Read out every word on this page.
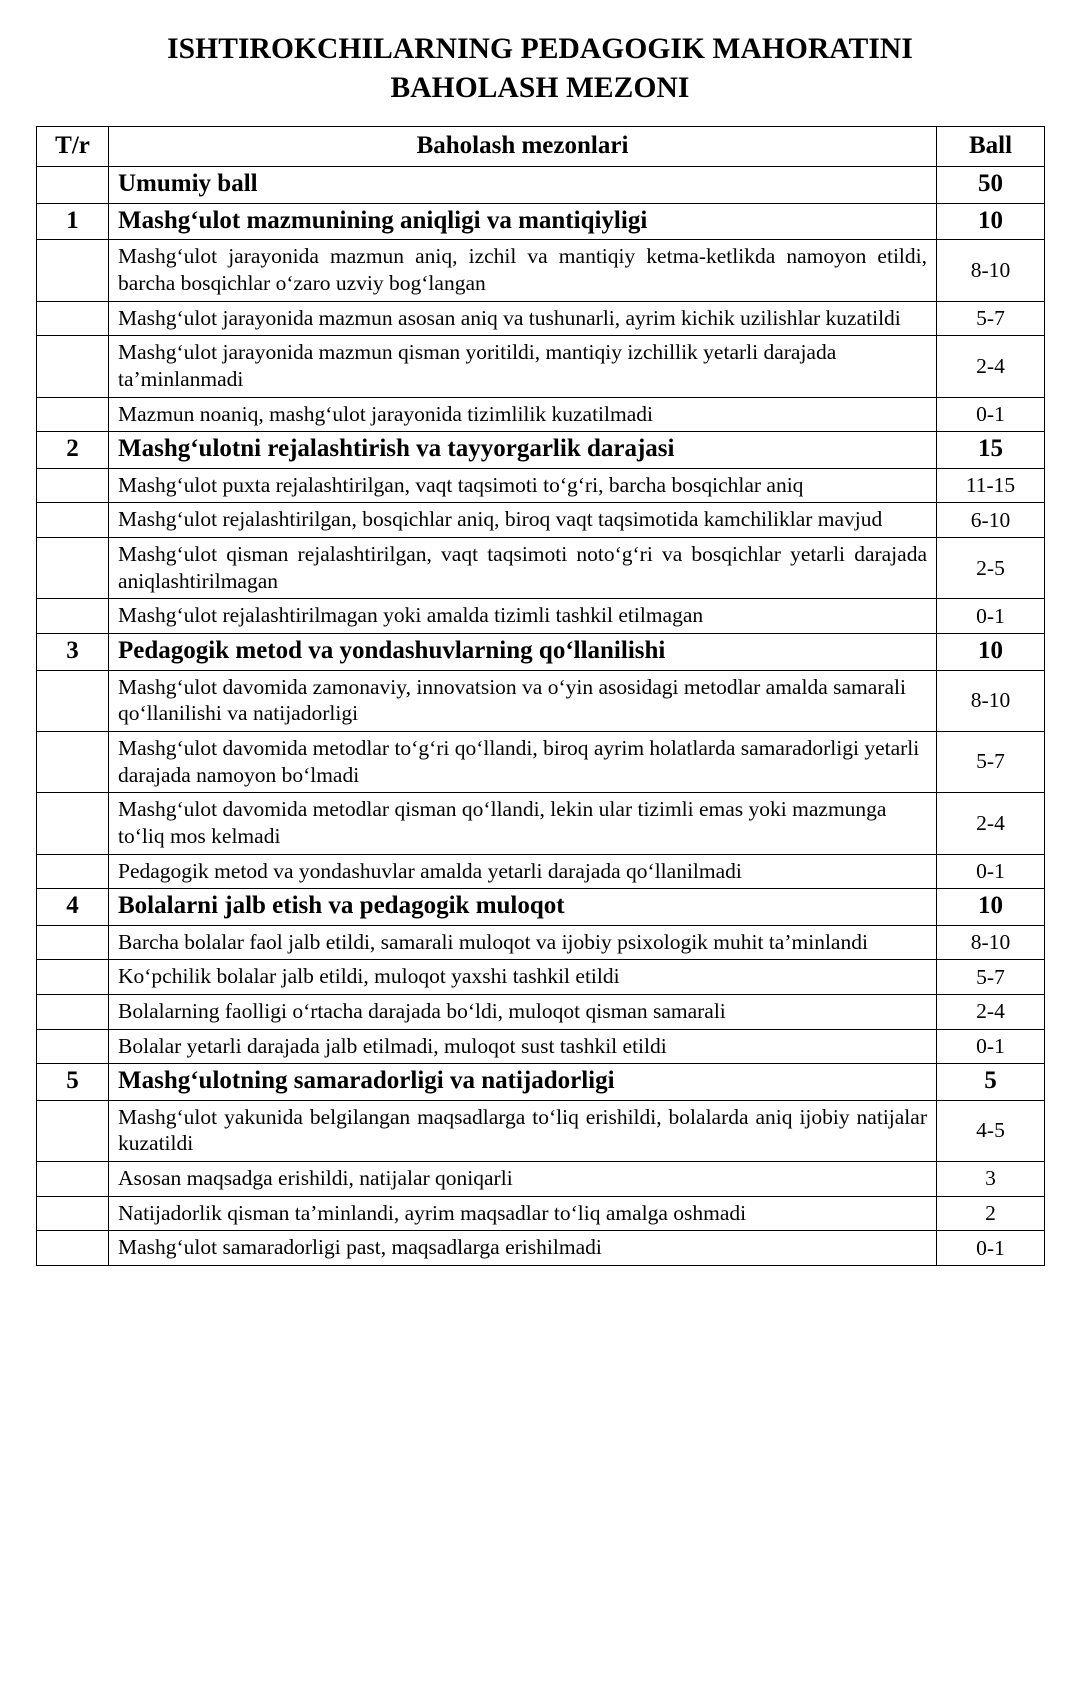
ISHTIROKCHILARNING PEDAGOGIK MAHORATINI
BAHOLASH MEZONI
T/r	Baholash mezonlari	Ball
	Umumiy ball	50
1	Mashg‘ulot mazmunining aniqligi va mantiqiyligi	10
	Mashg‘ulot jarayonida mazmun aniq, izchil va mantiqiy ketma-ketlikda namoyon etildi, barcha bosqichlar o‘zaro uzviy bog‘langan	8-10
	Mashg‘ulot jarayonida mazmun asosan aniq va tushunarli, ayrim kichik uzilishlar kuzatildi	5-7
	Mashg‘ulot jarayonida mazmun qisman yoritildi, mantiqiy izchillik yetarli darajada ta’minlanmadi	2-4
	Mazmun noaniq, mashg‘ulot jarayonida tizimlilik kuzatilmadi	0-1
2	Mashg‘ulotni rejalashtirish va tayyorgarlik darajasi	15
	Mashg‘ulot puxta rejalashtirilgan, vaqt taqsimoti to‘g‘ri, barcha bosqichlar aniq	11-15
	Mashg‘ulot rejalashtirilgan, bosqichlar aniq, biroq vaqt taqsimotida kamchiliklar mavjud	6-10
	Mashg‘ulot qisman rejalashtirilgan, vaqt taqsimoti noto‘g‘ri va bosqichlar yetarli darajada aniqlashtirilmagan	2-5
	Mashg‘ulot rejalashtirilmagan yoki amalda tizimli tashkil etilmagan	0-1
3	Pedagogik metod va yondashuvlarning qo‘llanilishi	10
	Mashg‘ulot davomida zamonaviy, innovatsion va o‘yin asosidagi metodlar amalda samarali qo‘llanilishi va natijadorligi	8-10
	Mashg‘ulot davomida metodlar to‘g‘ri qo‘llandi, biroq ayrim holatlarda samaradorligi yetarli darajada namoyon bo‘lmadi	5-7
	Mashg‘ulot davomida metodlar qisman qo‘llandi, lekin ular tizimli emas yoki mazmunga to‘liq mos kelmadi	2-4
	Pedagogik metod va yondashuvlar amalda yetarli darajada qo‘llanilmadi	0-1
4	Bolalarni jalb etish va pedagogik muloqot	10
	Barcha bolalar faol jalb etildi, samarali muloqot va ijobiy psixologik muhit ta’minlandi	8-10
	Ko‘pchilik bolalar jalb etildi, muloqot yaxshi tashkil etildi	5-7
	Bolalarning faolligi o‘rtacha darajada bo‘ldi, muloqot qisman samarali	2-4
	Bolalar yetarli darajada jalb etilmadi, muloqot sust tashkil etildi	0-1
5	Mashg‘ulotning samaradorligi va natijadorligi	5
	Mashg‘ulot yakunida belgilangan maqsadlarga to‘liq erishildi, bolalarda aniq ijobiy natijalar kuzatildi	4-5
	Asosan maqsadga erishildi, natijalar qoniqarli	3
	Natijadorlik qisman ta’minlandi, ayrim maqsadlar to‘liq amalga oshmadi	2
	Mashg‘ulot samaradorligi past, maqsadlarga erishilmadi	0-1
